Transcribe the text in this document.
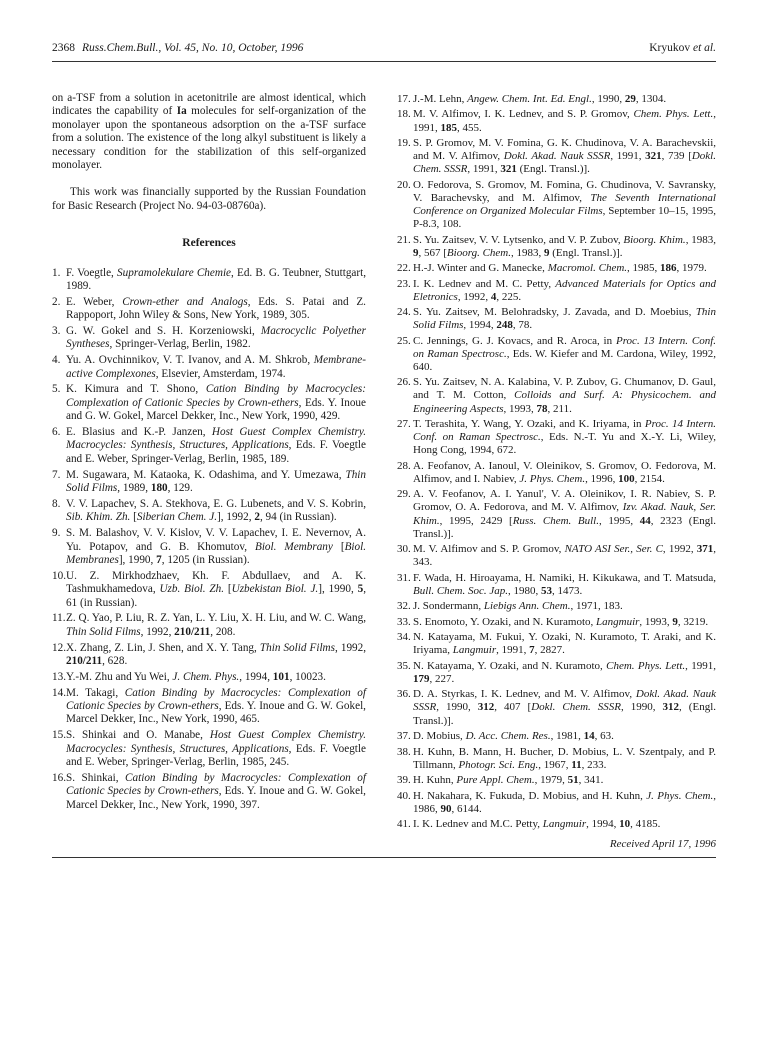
2368 Russ.Chem.Bull., Vol. 45, No. 10, October, 1996	Kryukov et al.

on a-TSF from a solution in acetonitrile are almost identical, which indicates the capability of Ia molecules for self-organization of the monolayer upon the spontaneous adsorption on the a-TSF surface from a solution. The existence of the long alkyl substituent is likely a necessary condition for the stabilization of this self-organized monolayer.

This work was financially supported by the Russian Foundation for Basic Research (Project No. 94-03-08760a).

References
1. F. Voegtle, Supramolekulare Chemie, Ed. B. G. Teubner, Stuttgart, 1989.
2. E. Weber, Crown-ether and Analogs, Eds. S. Patai and Z. Rappoport, John Wiley & Sons, New York, 1989, 305.
3. G. W. Gokel and S. H. Korzeniowski, Macrocyclic Polyether Syntheses, Springer-Verlag, Berlin, 1982.
4. Yu. A. Ovchinnikov, V. T. Ivanov, and A. M. Shkrob, Membrane-active Complexones, Elsevier, Amsterdam, 1974.
5. K. Kimura and T. Shono, Cation Binding by Macrocycles: Complexation of Cationic Species by Crown-ethers, Eds. Y. Inoue and G. W. Gokel, Marcel Dekker, Inc., New York, 1990, 429.
6. E. Blasius and K.-P. Janzen, Host Guest Complex Chemistry. Macrocycles: Synthesis, Structures, Applications, Eds. F. Voegtle and E. Weber, Springer-Verlag, Berlin, 1985, 189.
7. M. Sugawara, M. Kataoka, K. Odashima, and Y. Umezawa, Thin Solid Films, 1989, 180, 129.
8. V. V. Lapachev, S. A. Stekhova, E. G. Lubenets, and V. S. Kobrin, Sib. Khim. Zh. [Siberian Chem. J.], 1992, 2, 94 (in Russian).
9. S. M. Balashov, V. V. Kislov, V. V. Lapachev, I. E. Nevernov, A. Yu. Potapov, and G. B. Khomutov, Biol. Membrany [Biol. Membranes], 1990, 7, 1205 (in Russian).
10. U. Z. Mirkhodzhaev, Kh. F. Abdullaev, and A. K. Tashmukhamedova, Uzb. Biol. Zh. [Uzbekistan Biol. J.], 1990, 5, 61 (in Russian).
11. Z. Q. Yao, P. Liu, R. Z. Yan, L. Y. Liu, X. H. Liu, and W. C. Wang, Thin Solid Films, 1992, 210/211, 208.
12. X. Zhang, Z. Lin, J. Shen, and X. Y. Tang, Thin Solid Films, 1992, 210/211, 628.
13. Y.-M. Zhu and Yu Wei, J. Chem. Phys., 1994, 101, 10023.
14. M. Takagi, Cation Binding by Macrocycles: Complexation of Cationic Species by Crown-ethers, Eds. Y. Inoue and G. W. Gokel, Marcel Dekker, Inc., New York, 1990, 465.
15. S. Shinkai and O. Manabe, Host Guest Complex Chemistry. Macrocycles: Synthesis, Structures, Applications, Eds. F. Voegtle and E. Weber, Springer-Verlag, Berlin, 1985, 245.
16. S. Shinkai, Cation Binding by Macrocycles: Complexation of Cationic Species by Crown-ethers, Eds. Y. Inoue and G. W. Gokel, Marcel Dekker, Inc., New York, 1990, 397.
17. J.-M. Lehn, Angew. Chem. Int. Ed. Engl., 1990, 29, 1304.
18. M. V. Alfimov, I. K. Lednev, and S. P. Gromov, Chem. Phys. Lett., 1991, 185, 455.
19. S. P. Gromov, M. V. Fomina, G. K. Chudinova, V. A. Barachevskii, and M. V. Alfimov, Dokl. Akad. Nauk SSSR, 1991, 321, 739 [Dokl. Chem. SSSR, 1991, 321 (Engl. Transl.)].
20. O. Fedorova, S. Gromov, M. Fomina, G. Chudinova, V. Savransky, V. Barachevsky, and M. Alfimov, The Seventh International Conference on Organized Molecular Films, September 10–15, 1995, P-8.3, 108.
21. S. Yu. Zaitsev, V. V. Lytsenko, and V. P. Zubov, Bioorg. Khim., 1983, 9, 567 [Bioorg. Chem., 1983, 9 (Engl. Transl.)].
22. H.-J. Winter and G. Manecke, Macromol. Chem., 1985, 186, 1979.
23. I. K. Lednev and M. C. Petty, Advanced Materials for Optics and Eletronics, 1992, 4, 225.
24. S. Yu. Zaitsev, M. Belohradsky, J. Zavada, and D. Moebius, Thin Solid Films, 1994, 248, 78.
25. C. Jennings, G. J. Kovacs, and R. Aroca, in Proc. 13 Intern. Conf. on Raman Spectrosc., Eds. W. Kiefer and M. Cardona, Wiley, 1992, 640.
26. S. Yu. Zaitsev, N. A. Kalabina, V. P. Zubov, G. Chumanov, D. Gaul, and T. M. Cotton, Colloids and Surf. A: Physicochem. and Engineering Aspects, 1993, 78, 211.
27. T. Terashita, Y. Wang, Y. Ozaki, and K. Iriyama, in Proc. 14 Intern. Conf. on Raman Spectrosc., Eds. N.-T. Yu and X.-Y. Li, Wiley, Hong Cong, 1994, 672.
28. A. Feofanov, A. Ianoul, V. Oleinikov, S. Gromov, O. Fedorova, M. Alfimov, and I. Nabiev, J. Phys. Chem., 1996, 100, 2154.
29. A. V. Feofanov, A. I. Yanul', V. A. Oleinikov, I. R. Nabiev, S. P. Gromov, O. A. Fedorova, and M. V. Alfimov, Izv. Akad. Nauk, Ser. Khim., 1995, 2429 [Russ. Chem. Bull., 1995, 44, 2323 (Engl. Transl.)].
30. M. V. Alfimov and S. P. Gromov, NATO ASI Ser., Ser. C, 1992, 371, 343.
31. F. Wada, H. Hiroayama, H. Namiki, H. Kikukawa, and T. Matsuda, Bull. Chem. Soc. Jap., 1980, 53, 1473.
32. J. Sondermann, Liebigs Ann. Chem., 1971, 183.
33. S. Enomoto, Y. Ozaki, and N. Kuramoto, Langmuir, 1993, 9, 3219.
34. N. Katayama, M. Fukui, Y. Ozaki, N. Kuramoto, T. Araki, and K. Iriyama, Langmuir, 1991, 7, 2827.
35. N. Katayama, Y. Ozaki, and N. Kuramoto, Chem. Phys. Lett., 1991, 179, 227.
36. D. A. Styrkas, I. K. Lednev, and M. V. Alfimov, Dokl. Akad. Nauk SSSR, 1990, 312, 407 [Dokl. Chem. SSSR, 1990, 312, (Engl. Transl.)].
37. D. Mobius, D. Acc. Chem. Res., 1981, 14, 63.
38. H. Kuhn, B. Mann, H. Bucher, D. Mobius, L. V. Szentpaly, and P. Tillmann, Photogr. Sci. Eng., 1967, 11, 233.
39. H. Kuhn, Pure Appl. Chem., 1979, 51, 341.
40. H. Nakahara, K. Fukuda, D. Mobius, and H. Kuhn, J. Phys. Chem., 1986, 90, 6144.
41. I. K. Lednev and M.C. Petty, Langmuir, 1994, 10, 4185.
Received April 17, 1996
